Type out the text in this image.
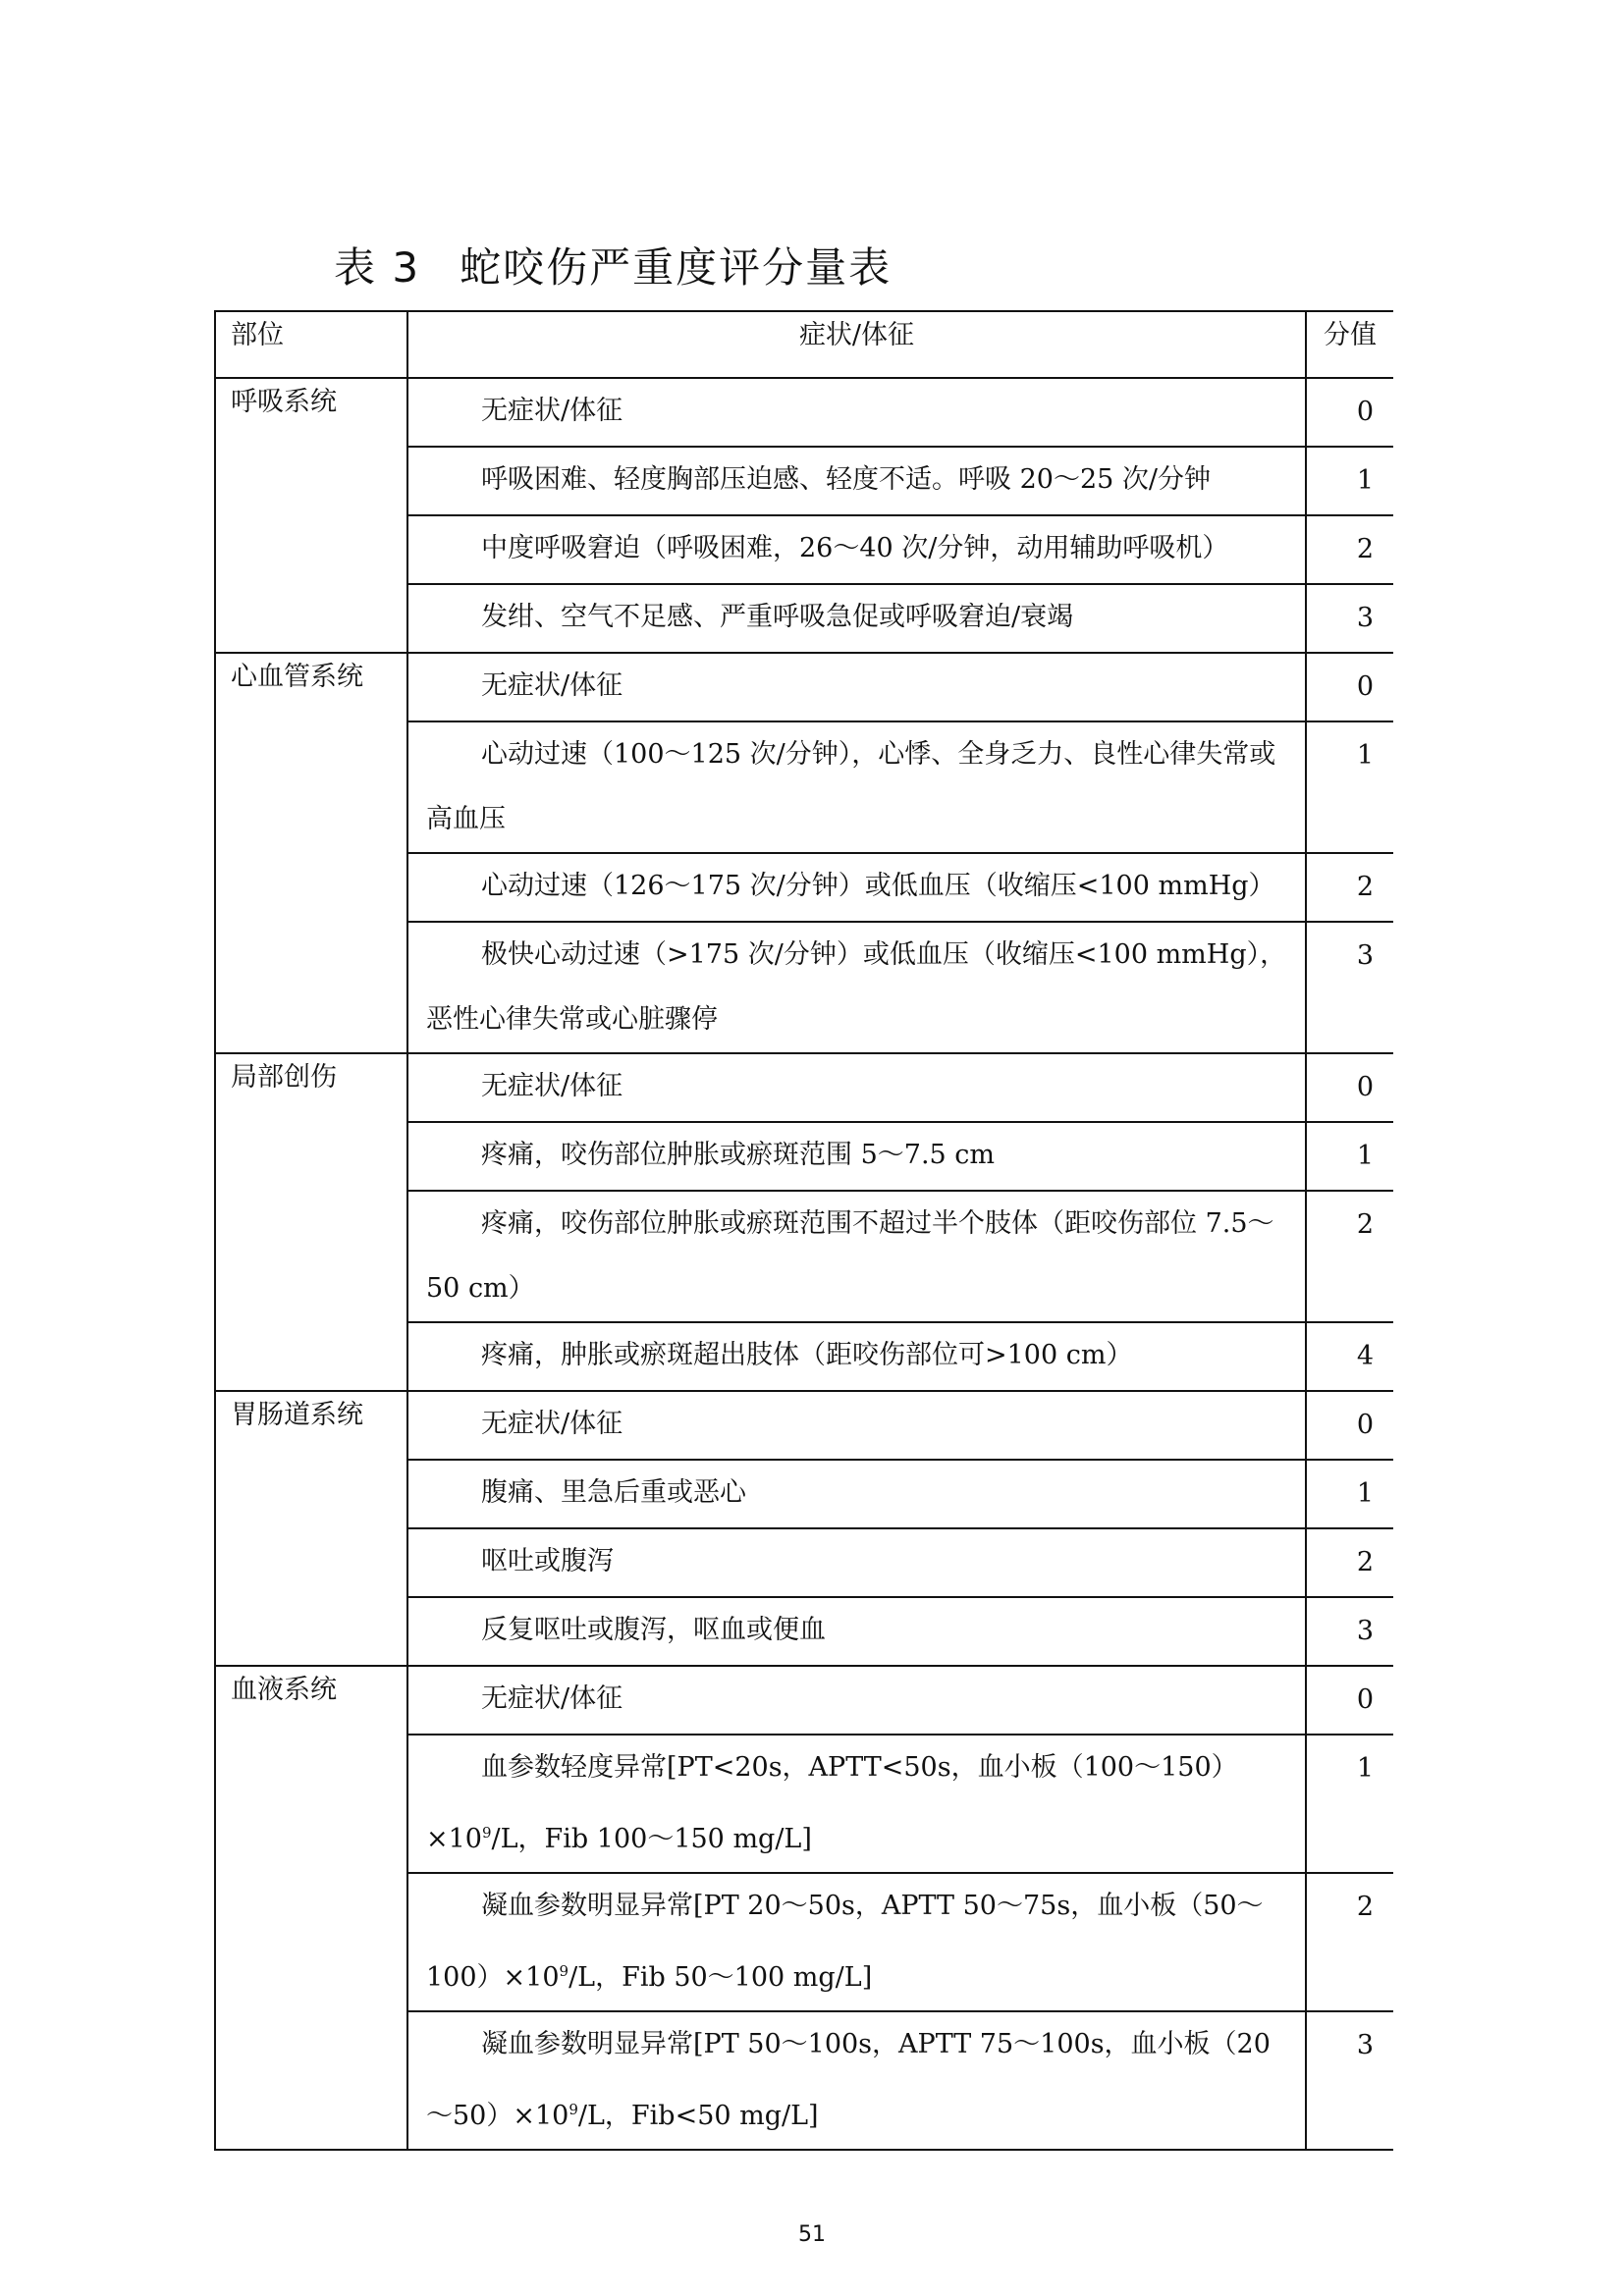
表 3 蛇咬伤严重度评分量表
部位	症状/体征	分值
呼吸系统	无症状/体征	0
	呼吸困难、轻度胸部压迫感、轻度不适。呼吸 20～25 次/分钟	1
	中度呼吸窘迫（呼吸困难，26～40 次/分钟，动用辅助呼吸机）	2
	发绀、空气不足感、严重呼吸急促或呼吸窘迫/衰竭	3
心血管系统	无症状/体征	0
	心动过速（100～125 次/分钟），心悸、全身乏力、良性心律失常或高血压	1
	心动过速（126～175 次/分钟）或低血压（收缩压<100 mmHg）	2
	极快心动过速（>175 次/分钟）或低血压（收缩压<100 mmHg），恶性心律失常或心脏骤停	3
局部创伤	无症状/体征	0
	疼痛，咬伤部位肿胀或瘀斑范围 5～7.5 cm	1
	疼痛，咬伤部位肿胀或瘀斑范围不超过半个肢体（距咬伤部位 7.5～50 cm）	2
	疼痛，肿胀或瘀斑超出肢体（距咬伤部位可>100 cm）	4
胃肠道系统	无症状/体征	0
	腹痛、里急后重或恶心	1
	呕吐或腹泻	2
	反复呕吐或腹泻，呕血或便血	3
血液系统	无症状/体征	0
	血参数轻度异常[PT<20s，APTT<50s，血小板$(100\sim 150)\times 10^9/L$，Fib 100～150 mg/L]	1
	凝血参数明显异常[PT 20～50s，APTT 50～75s，血小板$(50\sim 100)\times 10^9/L$，Fib 50～100 mg/L]	2
	凝血参数明显异常[PT 50～100s，APTT 75～100s，血小板$(20\sim 50)\times 10^9/L$，Fib<50 mg/L]	3
51
